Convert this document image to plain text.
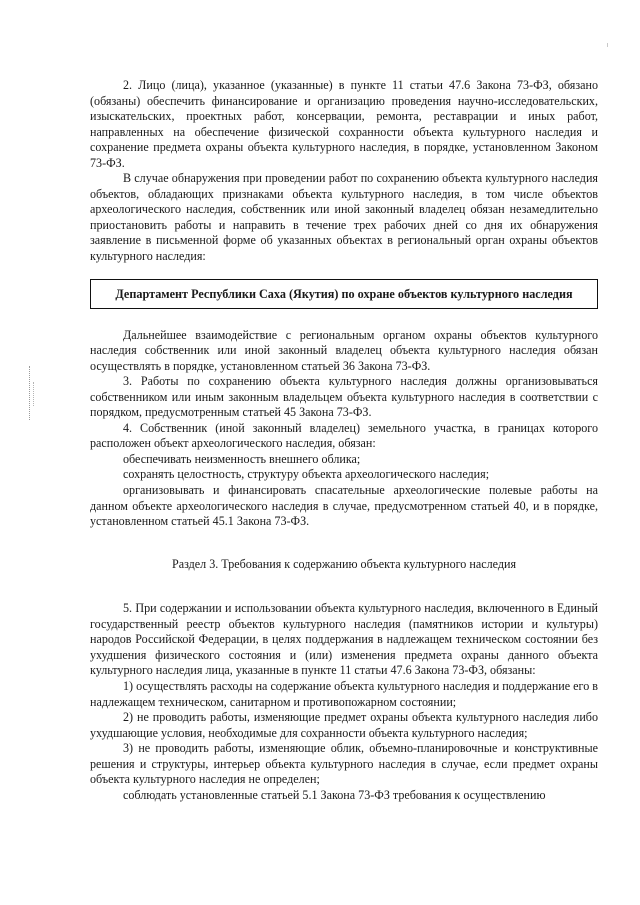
2. Лицо (лица), указанное (указанные) в пункте 11 статьи 47.6 Закона 73-ФЗ, обязано (обязаны) обеспечить финансирование и организацию проведения научно-исследовательских, изыскательских, проектных работ, консервации, ремонта, реставрации и иных работ, направленных на обеспечение физической сохранности объекта культурного наследия и сохранение предмета охраны объекта культурного наследия, в порядке, установленном Законом 73-ФЗ.

В случае обнаружения при проведении работ по сохранению объекта культурного наследия объектов, обладающих признаками объекта культурного наследия, в том числе объектов археологического наследия, собственник или иной законный владелец обязан незамедлительно приостановить работы и направить в течение трех рабочих дней со дня их обнаружения заявление в письменной форме об указанных объектах в региональный орган охраны объектов культурного наследия:

Департамент Республики Саха (Якутия) по охране объектов культурного наследия

Дальнейшее взаимодействие с региональным органом охраны объектов культурного наследия собственник или иной законный владелец объекта культурного наследия обязан осуществлять в порядке, установленном статьей 36 Закона 73-ФЗ.

3. Работы по сохранению объекта культурного наследия должны организовываться собственником или иным законным владельцем объекта культурного наследия в соответствии с порядком, предусмотренным статьей 45 Закона 73-ФЗ.

4. Собственник (иной законный владелец) земельного участка, в границах которого расположен объект археологического наследия, обязан:

обеспечивать неизменность внешнего облика;

сохранять целостность, структуру объекта археологического наследия;

организовывать и финансировать спасательные археологические полевые работы на данном объекте археологического наследия в случае, предусмотренном статьей 40, и в порядке, установленном статьей 45.1 Закона 73-ФЗ.

Раздел 3. Требования к содержанию объекта культурного наследия

5. При содержании и использовании объекта культурного наследия, включенного в Единый государственный реестр объектов культурного наследия (памятников истории и культуры) народов Российской Федерации, в целях поддержания в надлежащем техническом состоянии без ухудшения физического состояния и (или) изменения предмета охраны данного объекта культурного наследия лица, указанные в пункте 11 статьи 47.6 Закона 73-ФЗ, обязаны:

1) осуществлять расходы на содержание объекта культурного наследия и поддержание его в надлежащем техническом, санитарном и противопожарном состоянии;

2) не проводить работы, изменяющие предмет охраны объекта культурного наследия либо ухудшающие условия, необходимые для сохранности объекта культурного наследия;

3) не проводить работы, изменяющие облик, объемно-планировочные и конструктивные решения и структуры, интерьер объекта культурного наследия в случае, если предмет охраны объекта культурного наследия не определен;

соблюдать установленные статьей 5.1 Закона 73-ФЗ требования к осуществлению
